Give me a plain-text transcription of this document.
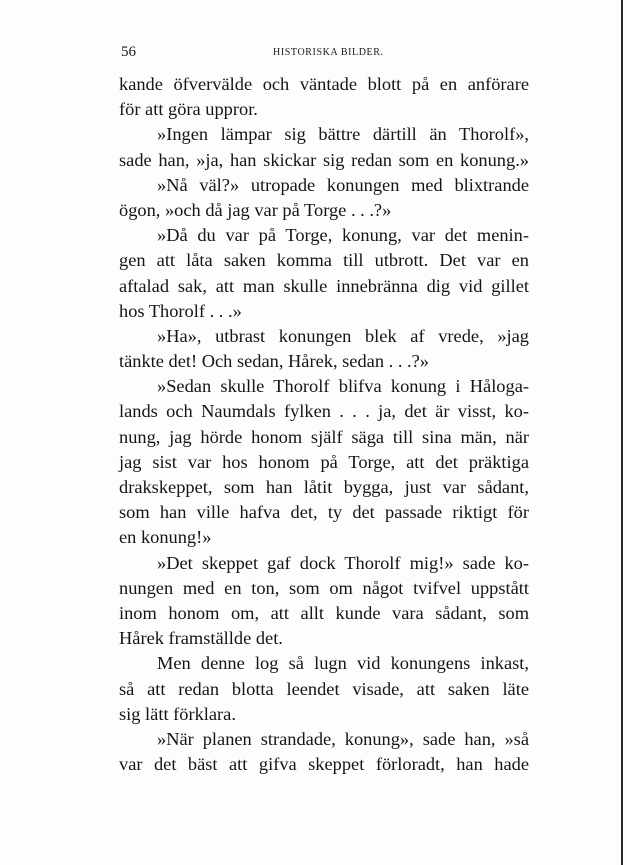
56	HISTORISKA BILDER.
kande öfvervälde och väntade blott på en anförare
för att göra uppror.
»Ingen lämpar sig bättre därtill än Thorolf»,
sade han, »ja, han skickar sig redan som en konung.»
»Nå väl?» utropade konungen med blixtrande
ögon, »och då jag var på Torge . . .?»
»Då du var på Torge, konung, var det menin-
gen att låta saken komma till utbrott. Det var en
aftalad sak, att man skulle innebränna dig vid gillet
hos Thorolf . . .»
»Ha», utbrast konungen blek af vrede, »jag
tänkte det! Och sedan, Hårek, sedan . . .?»
»Sedan skulle Thorolf blifva konung i Håloga-
lands och Naumdals fylken . . . ja, det är visst, ko-
nung, jag hörde honom själf säga till sina män, när
jag sist var hos honom på Torge, att det präktiga
drakskeppet, som han låtit bygga, just var sådant,
som han ville hafva det, ty det passade riktigt för
en konung!»
»Det skeppet gaf dock Thorolf mig!» sade ko-
nungen med en ton, som om något tvifvel uppstått
inom honom om, att allt kunde vara sådant, som
Hårek framställde det.
Men denne log så lugn vid konungens inkast,
så att redan blotta leendet visade, att saken läte
sig lätt förklara.
»När planen strandade, konung», sade han, »så
var det bäst att gifva skeppet förloradt, han hade
